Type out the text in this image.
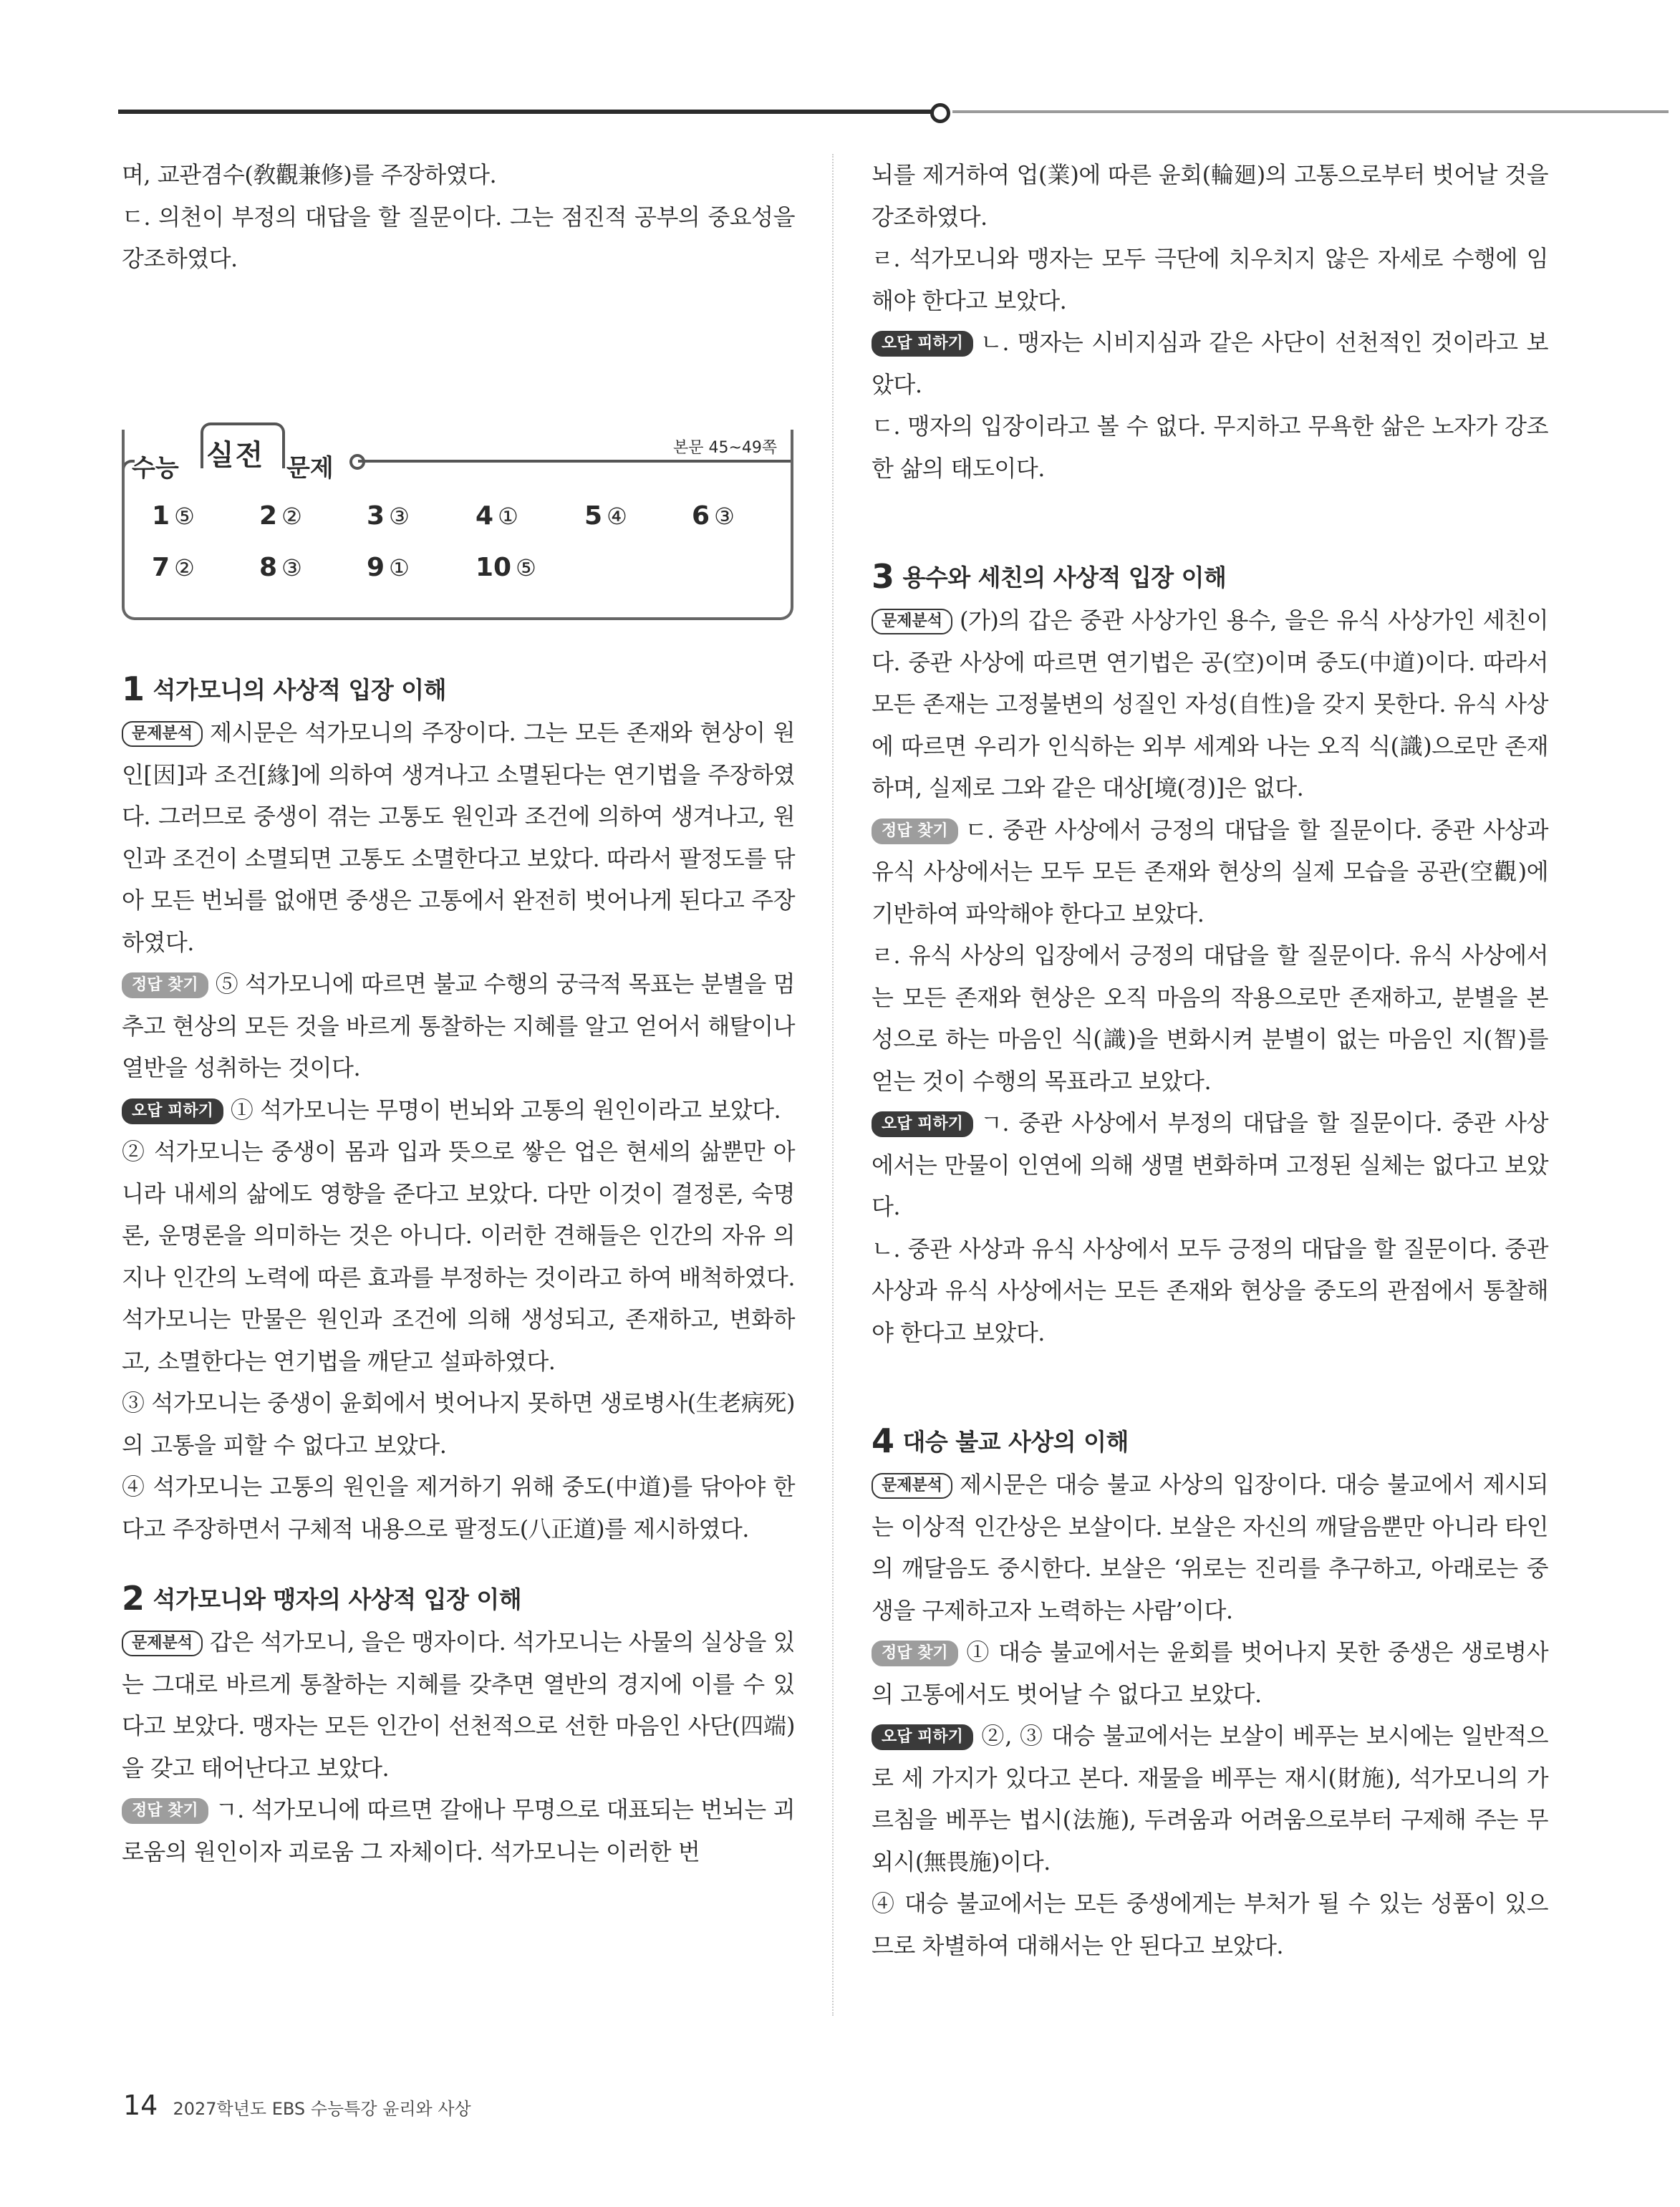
며, 교관겸수(敎觀兼修)를 주장하였다.

ㄷ. 의천이 부정의 대답을 할 질문이다. 그는 점진적 공부의 중요성을 강조하였다.

수능 실전 문제
본문 45~49쪽
1 ⑤	2 ②	3 ③	4 ①	5 ④	6 ③
7 ②	8 ③	9 ①	10 ⑤
1 석가모니의 사상적 입장 이해

문제분석 제시문은 석가모니의 주장이다. 그는 모든 존재와 현상이 원인[因]과 조건[緣]에 의하여 생겨나고 소멸된다는 연기법을 주장하였다. 그러므로 중생이 겪는 고통도 원인과 조건에 의하여 생겨나고, 원인과 조건이 소멸되면 고통도 소멸한다고 보았다. 따라서 팔정도를 닦아 모든 번뇌를 없애면 중생은 고통에서 완전히 벗어나게 된다고 주장하였다.

정답 찾기 ⑤ 석가모니에 따르면 불교 수행의 궁극적 목표는 분별을 멈추고 현상의 모든 것을 바르게 통찰하는 지혜를 알고 얻어서 해탈이나 열반을 성취하는 것이다.

오답 피하기 ① 석가모니는 무명이 번뇌와 고통의 원인이라고 보았다.

② 석가모니는 중생이 몸과 입과 뜻으로 쌓은 업은 현세의 삶뿐만 아니라 내세의 삶에도 영향을 준다고 보았다. 다만 이것이 결정론, 숙명론, 운명론을 의미하는 것은 아니다. 이러한 견해들은 인간의 자유 의지나 인간의 노력에 따른 효과를 부정하는 것이라고 하여 배척하였다. 석가모니는 만물은 원인과 조건에 의해 생성되고, 존재하고, 변화하고, 소멸한다는 연기법을 깨닫고 설파하였다.

③ 석가모니는 중생이 윤회에서 벗어나지 못하면 생로병사(生老病死)의 고통을 피할 수 없다고 보았다.

④ 석가모니는 고통의 원인을 제거하기 위해 중도(中道)를 닦아야 한다고 주장하면서 구체적 내용으로 팔정도(八正道)를 제시하였다.

2 석가모니와 맹자의 사상적 입장 이해

문제분석 갑은 석가모니, 을은 맹자이다. 석가모니는 사물의 실상을 있는 그대로 바르게 통찰하는 지혜를 갖추면 열반의 경지에 이를 수 있다고 보았다. 맹자는 모든 인간이 선천적으로 선한 마음인 사단(四端)을 갖고 태어난다고 보았다.

정답 찾기 ㄱ. 석가모니에 따르면 갈애나 무명으로 대표되는 번뇌는 괴로움의 원인이자 괴로움 그 자체이다. 석가모니는 이러한 번

뇌를 제거하여 업(業)에 따른 윤회(輪廻)의 고통으로부터 벗어날 것을 강조하였다.

ㄹ. 석가모니와 맹자는 모두 극단에 치우치지 않은 자세로 수행에 임해야 한다고 보았다.

오답 피하기 ㄴ. 맹자는 시비지심과 같은 사단이 선천적인 것이라고 보았다.

ㄷ. 맹자의 입장이라고 볼 수 없다. 무지하고 무욕한 삶은 노자가 강조한 삶의 태도이다.

3 용수와 세친의 사상적 입장 이해

문제분석 (가)의 갑은 중관 사상가인 용수, 을은 유식 사상가인 세친이다. 중관 사상에 따르면 연기법은 공(空)이며 중도(中道)이다. 따라서 모든 존재는 고정불변의 성질인 자성(自性)을 갖지 못한다. 유식 사상에 따르면 우리가 인식하는 외부 세계와 나는 오직 식(識)으로만 존재하며, 실제로 그와 같은 대상[境(경)]은 없다.

정답 찾기 ㄷ. 중관 사상에서 긍정의 대답을 할 질문이다. 중관 사상과 유식 사상에서는 모두 모든 존재와 현상의 실제 모습을 공관(空觀)에 기반하여 파악해야 한다고 보았다.

ㄹ. 유식 사상의 입장에서 긍정의 대답을 할 질문이다. 유식 사상에서는 모든 존재와 현상은 오직 마음의 작용으로만 존재하고, 분별을 본성으로 하는 마음인 식(識)을 변화시켜 분별이 없는 마음인 지(智)를 얻는 것이 수행의 목표라고 보았다.

오답 피하기 ㄱ. 중관 사상에서 부정의 대답을 할 질문이다. 중관 사상에서는 만물이 인연에 의해 생멸 변화하며 고정된 실체는 없다고 보았다.

ㄴ. 중관 사상과 유식 사상에서 모두 긍정의 대답을 할 질문이다. 중관 사상과 유식 사상에서는 모든 존재와 현상을 중도의 관점에서 통찰해야 한다고 보았다.

4 대승 불교 사상의 이해

문제분석 제시문은 대승 불교 사상의 입장이다. 대승 불교에서 제시되는 이상적 인간상은 보살이다. 보살은 자신의 깨달음뿐만 아니라 타인의 깨달음도 중시한다. 보살은 ‘위로는 진리를 추구하고, 아래로는 중생을 구제하고자 노력하는 사람’이다.

정답 찾기 ① 대승 불교에서는 윤회를 벗어나지 못한 중생은 생로병사의 고통에서도 벗어날 수 없다고 보았다.

오답 피하기 ②, ③ 대승 불교에서는 보살이 베푸는 보시에는 일반적으로 세 가지가 있다고 본다. 재물을 베푸는 재시(財施), 석가모니의 가르침을 베푸는 법시(法施), 두려움과 어려움으로부터 구제해 주는 무외시(無畏施)이다.

④ 대승 불교에서는 모든 중생에게는 부처가 될 수 있는 성품이 있으므로 차별하여 대해서는 안 된다고 보았다.

14 2027학년도 EBS 수능특강 윤리와 사상
